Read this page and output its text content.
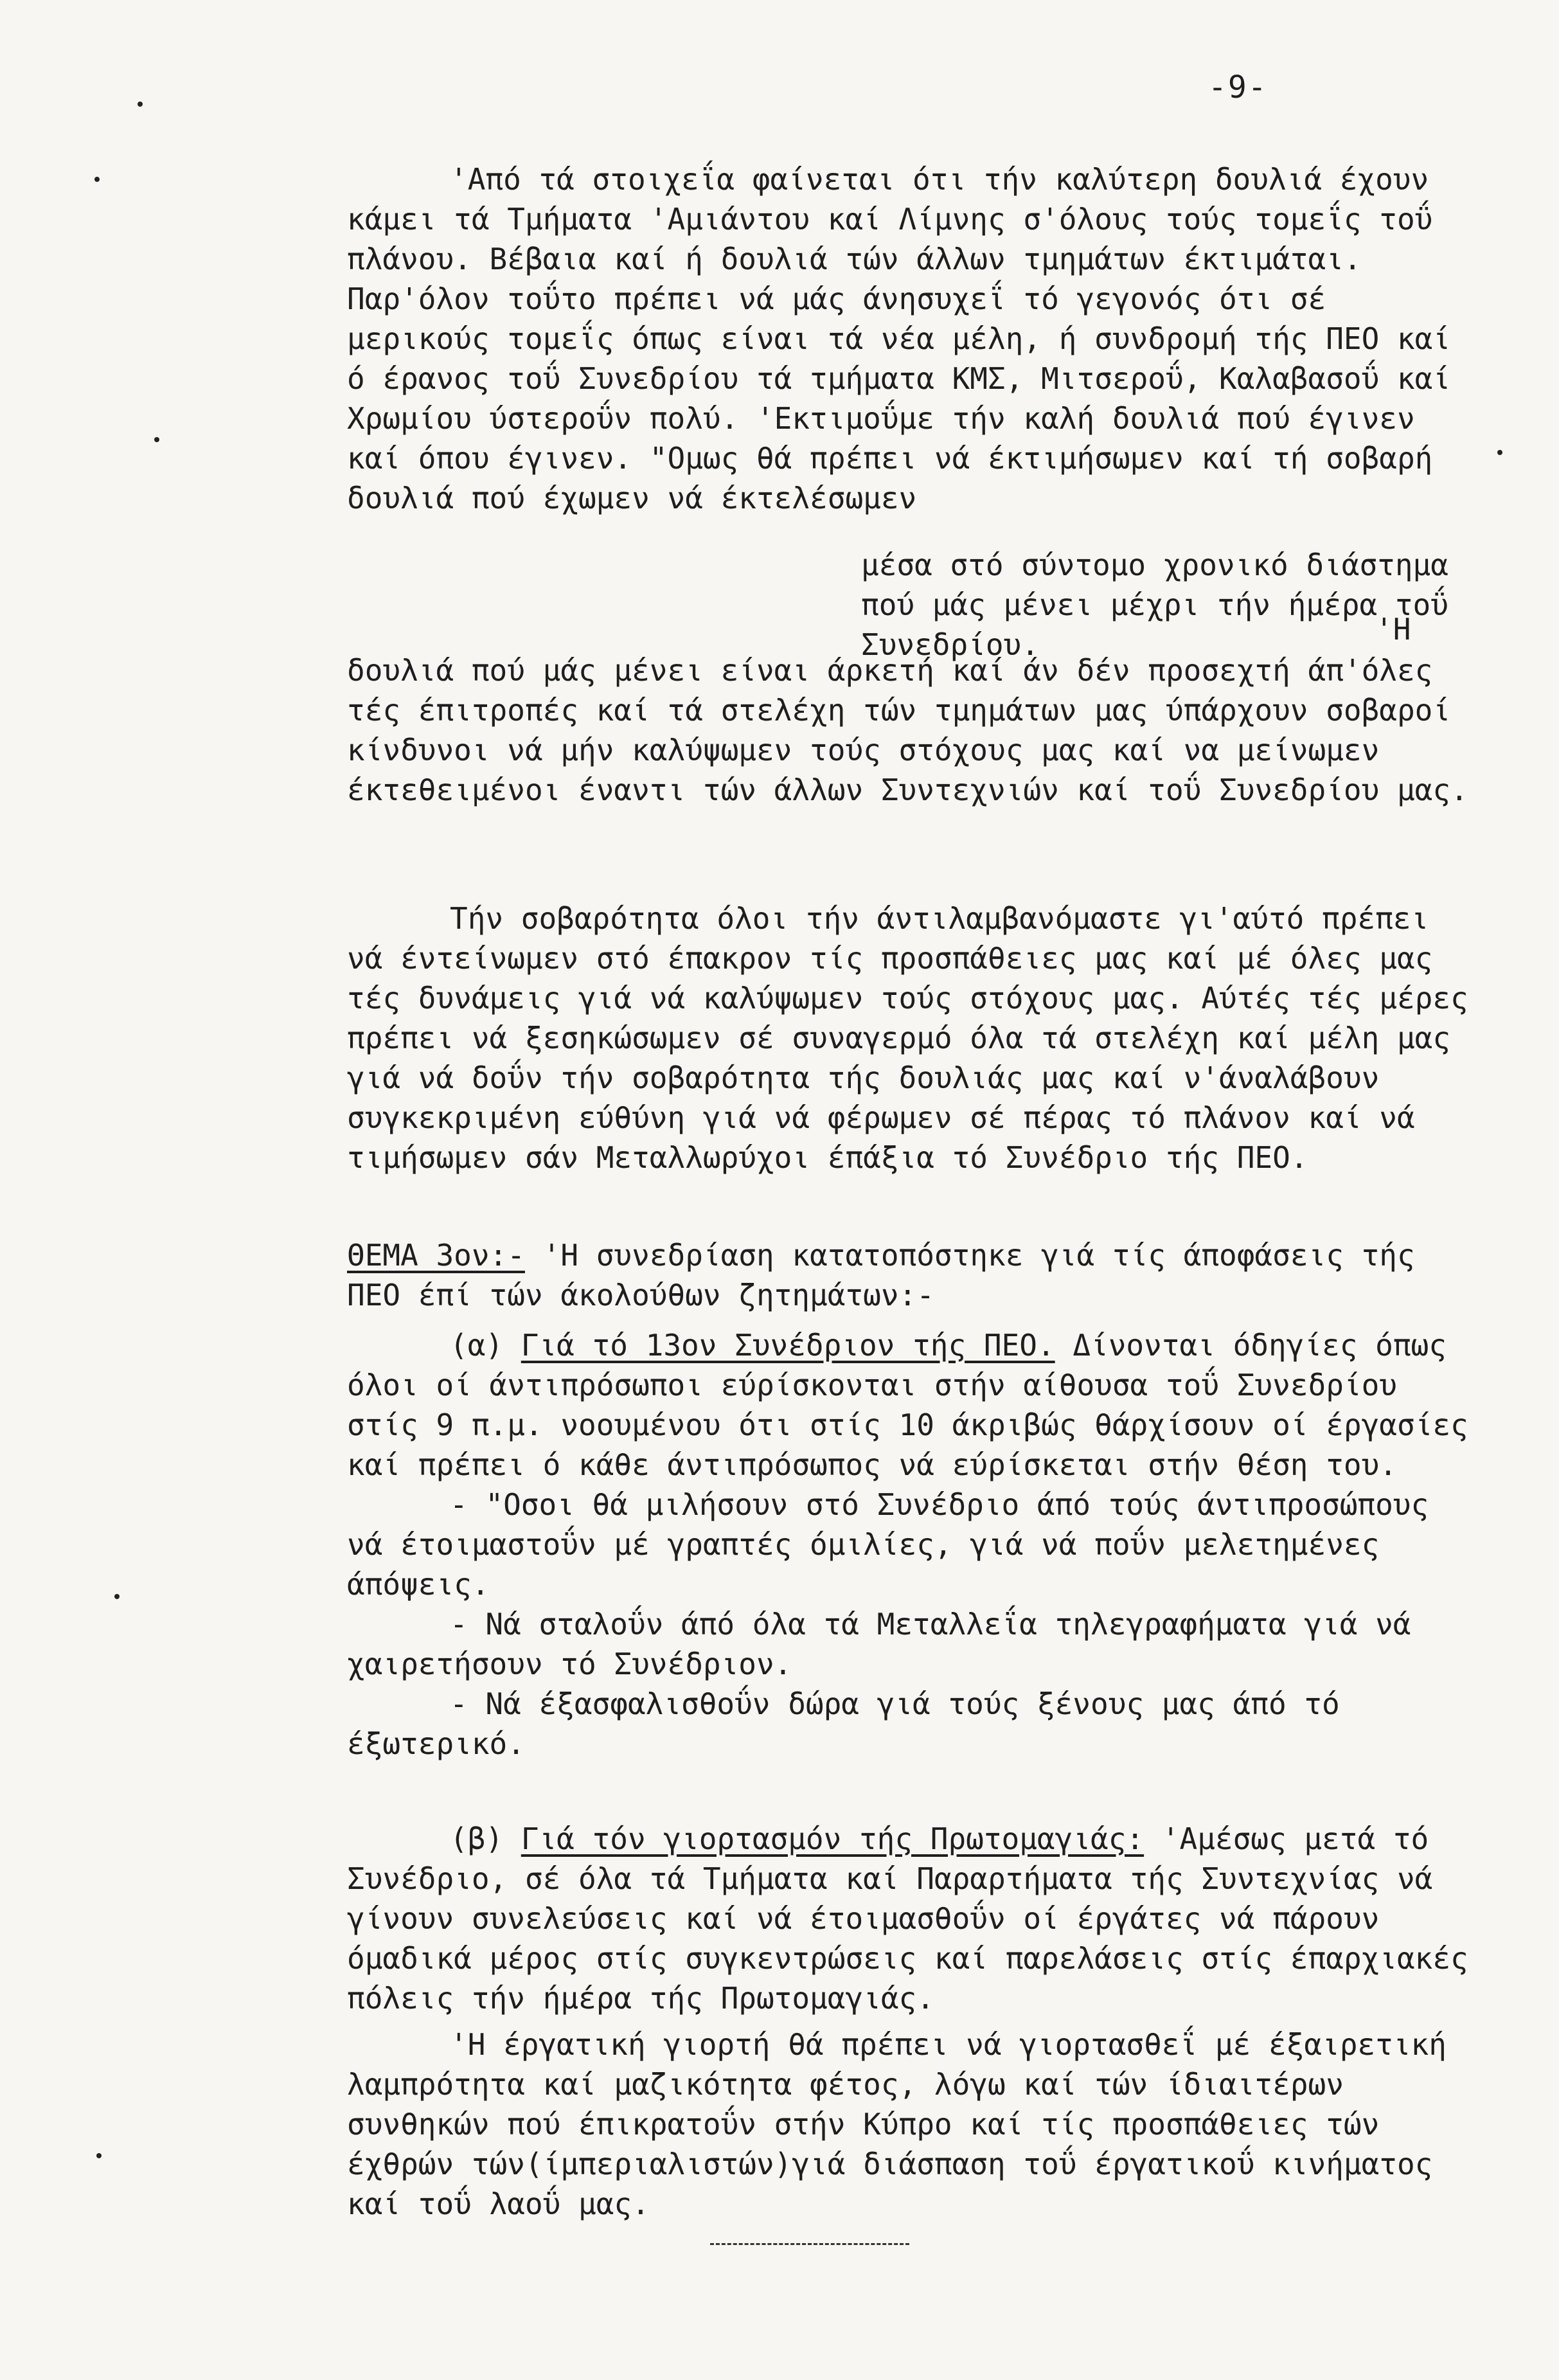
-9-

'Από τά στοιχεΐα φαίνεται ότι τήν καλύτερη δουλιά έχουν κάμει τά Τμήματα 'Αμιάντου καί Λίμνης σ'όλους τούς τομεΐς τοΰ πλάνου. Βέβαια καί ή δουλιά τών άλλων τμημάτων έκτιμάται. Παρ'όλον τοΰτο πρέπει νά μάς άνησυχεΐ τό γεγονός ότι σέ μερικούς τομεΐς όπως είναι τά νέα μέλη, ή συνδρομή τής ΠΕΟ καί ό έρανος τοΰ Συνεδρίου τά τμήματα ΚΜΣ, Μιτσεροΰ, Καλαβασοΰ καί Χρωμίου ύστεροΰν πολύ. 'Εκτιμοΰμε τήν καλή δουλιά πού έγινεν καί όπου έγινεν. "Ομως θά πρέπει νά έκτιμήσωμεν καί τή σοβαρή δουλιά πού έχωμεν νά έκτελέσωμεν

μέσα στό σύντομο χρονικό διάστημα πού μάς μένει μέχρι τήν ήμέρα τοΰ Συνεδρίου.	'Η

δουλιά πού μάς μένει είναι άρκετή καί άν δέν προσεχτή άπ'όλες τές έπιτροπές καί τά στελέχη τών τμημάτων μας ύπάρχουν σοβαροί κίνδυνοι νά μήν καλύψωμεν τούς στόχους μας καί να μείνωμεν έκτεθειμένοι έναντι τών άλλων Συντεχνιών καί τοΰ Συνεδρίου μας.

Τήν σοβαρότητα όλοι τήν άντιλαμβανόμαστε γι'αύτό πρέπει νά έντείνωμεν στό έπακρον τίς προσπάθειες μας καί μέ όλες μας τές δυνάμεις γιά νά καλύψωμεν τούς στόχους μας. Αύτές τές μέρες πρέπει νά ξεσηκώσωμεν σέ συναγερμό όλα τά στελέχη καί μέλη μας γιά νά δοΰν τήν σοβαρότητα τής δουλιάς μας καί ν'άναλάβουν συγκεκριμένη εύθύνη γιά νά φέρωμεν σέ πέρας τό πλάνον καί νά τιμήσωμεν σάν Μεταλλωρύχοι έπάξια τό Συνέδριο τής ΠΕΟ.

ΘΕΜΑ 3ον:- 'Η συνεδρίαση κατατοπόστηκε γιά τίς άποφάσεις τής ΠΕΟ έπί τών άκολούθων ζητημάτων:-

(α) Γιά τό 13ον Συνέδριον τής ΠΕΟ. Δίνονται όδηγίες όπως όλοι οί άντιπρόσωποι εύρίσκονται στήν αίθουσα τοΰ Συνεδρίου στίς 9 π.μ. νοουμένου ότι στίς 10 άκριβώς θάρχίσουν οί έργασίες καί πρέπει ό κάθε άντιπρόσωπος νά εύρίσκεται στήν θέση του.

- "Οσοι θά μιλήσουν στό Συνέδριο άπό τούς άντιπροσώπους νά έτοιμαστοΰν μέ γραπτές όμιλίες, γιά νά ποΰν μελετημένες άπόψεις.

- Νά σταλοΰν άπό όλα τά Μεταλλεΐα τηλεγραφήματα γιά νά χαιρετήσουν τό Συνέδριον.

- Νά έξασφαλισθοΰν δώρα γιά τούς ξένους μας άπό τό έξωτερικό.

(β) Γιά τόν γιορτασμόν τής Πρωτομαγιάς: 'Αμέσως μετά τό Συνέδριο, σέ όλα τά Τμήματα καί Παραρτήματα τής Συντεχνίας νά γίνουν συνελεύσεις καί νά έτοιμασθοΰν οί έργάτες νά πάρουν όμαδικά μέρος στίς συγκεντρώσεις καί παρελάσεις στίς έπαρχιακές πόλεις τήν ήμέρα τής Πρωτομαγιάς.

'Η έργατική γιορτή θά πρέπει νά γιορτασθεΐ μέ έξαιρετική λαμπρότητα καί μαζικότητα φέτος, λόγω καί τών ίδιαιτέρων συνθηκών πού έπικρατοΰν στήν Κύπρο καί τίς προσπάθειες τών έχθρών τών(ίμπεριαλιστών)γιά διάσπαση τοΰ έργατικοΰ κινήματος καί τοΰ λαοΰ μας.
